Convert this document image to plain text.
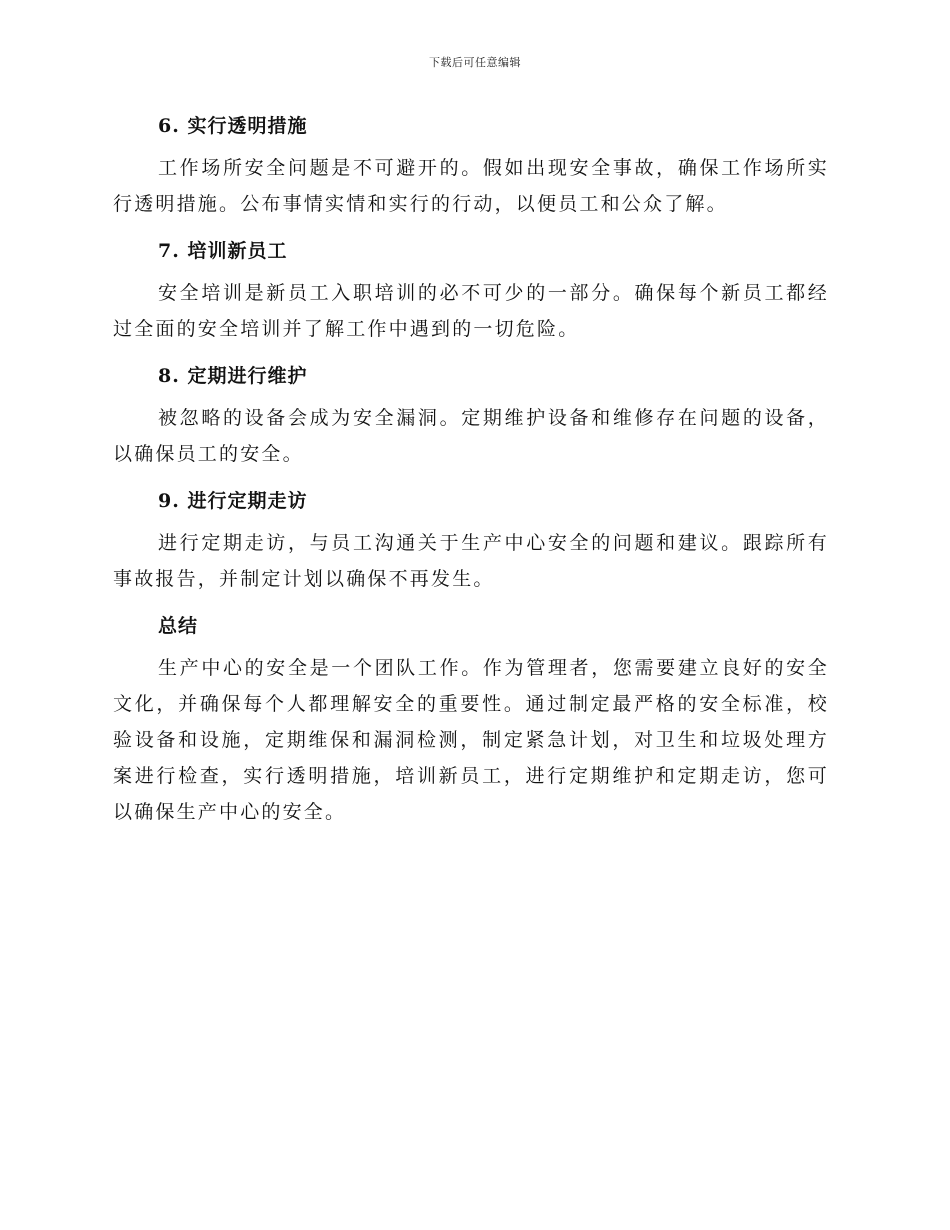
下载后可任意编辑
6. 实行透明措施

工作场所安全问题是不可避开的。假如出现安全事故，确保工作场所实行透明措施。公布事情实情和实行的行动，以便员工和公众了解。

7. 培训新员工

安全培训是新员工入职培训的必不可少的一部分。确保每个新员工都经过全面的安全培训并了解工作中遇到的一切危险。

8. 定期进行维护

被忽略的设备会成为安全漏洞。定期维护设备和维修存在问题的设备，以确保员工的安全。

9. 进行定期走访

进行定期走访，与员工沟通关于生产中心安全的问题和建议。跟踪所有事故报告，并制定计划以确保不再发生。

总结

生产中心的安全是一个团队工作。作为管理者，您需要建立良好的安全文化，并确保每个人都理解安全的重要性。通过制定最严格的安全标准，校验设备和设施，定期维保和漏洞检测，制定紧急计划，对卫生和垃圾处理方案进行检查，实行透明措施，培训新员工，进行定期维护和定期走访，您可以确保生产中心的安全。
